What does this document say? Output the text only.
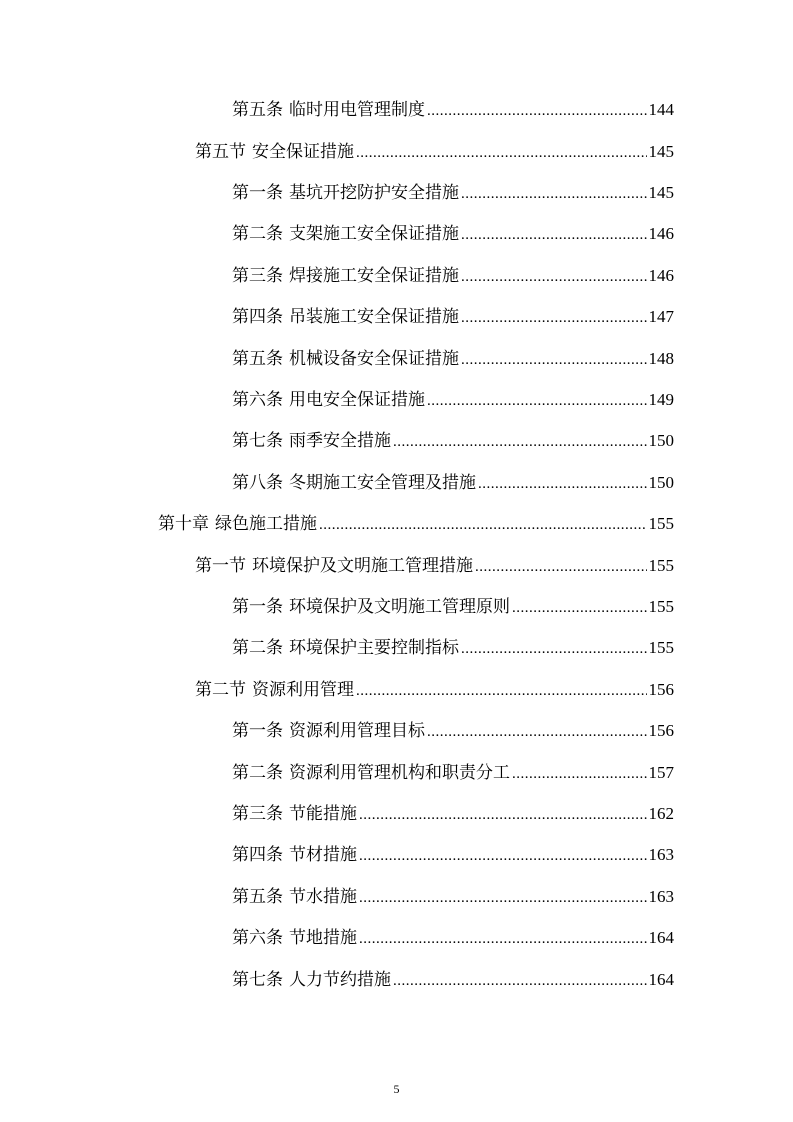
第五条 临时用电管理制度 .....	144
第五节 安全保证措施 .....	145
第一条 基坑开挖防护安全措施 .....	145
第二条 支架施工安全保证措施 .....	146
第三条 焊接施工安全保证措施 .....	146
第四条 吊装施工安全保证措施 .....	147
第五条 机械设备安全保证措施 .....	148
第六条 用电安全保证措施 .....	149
第七条 雨季安全措施 .....	150
第八条 冬期施工安全管理及措施 .....	150
第十章 绿色施工措施 .....	155
第一节 环境保护及文明施工管理措施 .....	155
第一条 环境保护及文明施工管理原则 .....	155
第二条 环境保护主要控制指标 .....	155
第二节 资源利用管理 .....	156
第一条 资源利用管理目标 .....	156
第二条 资源利用管理机构和职责分工 .....	157
第三条 节能措施 .....	162
第四条 节材措施 .....	163
第五条 节水措施 .....	163
第六条 节地措施 .....	164
第七条 人力节约措施 .....	164
5
